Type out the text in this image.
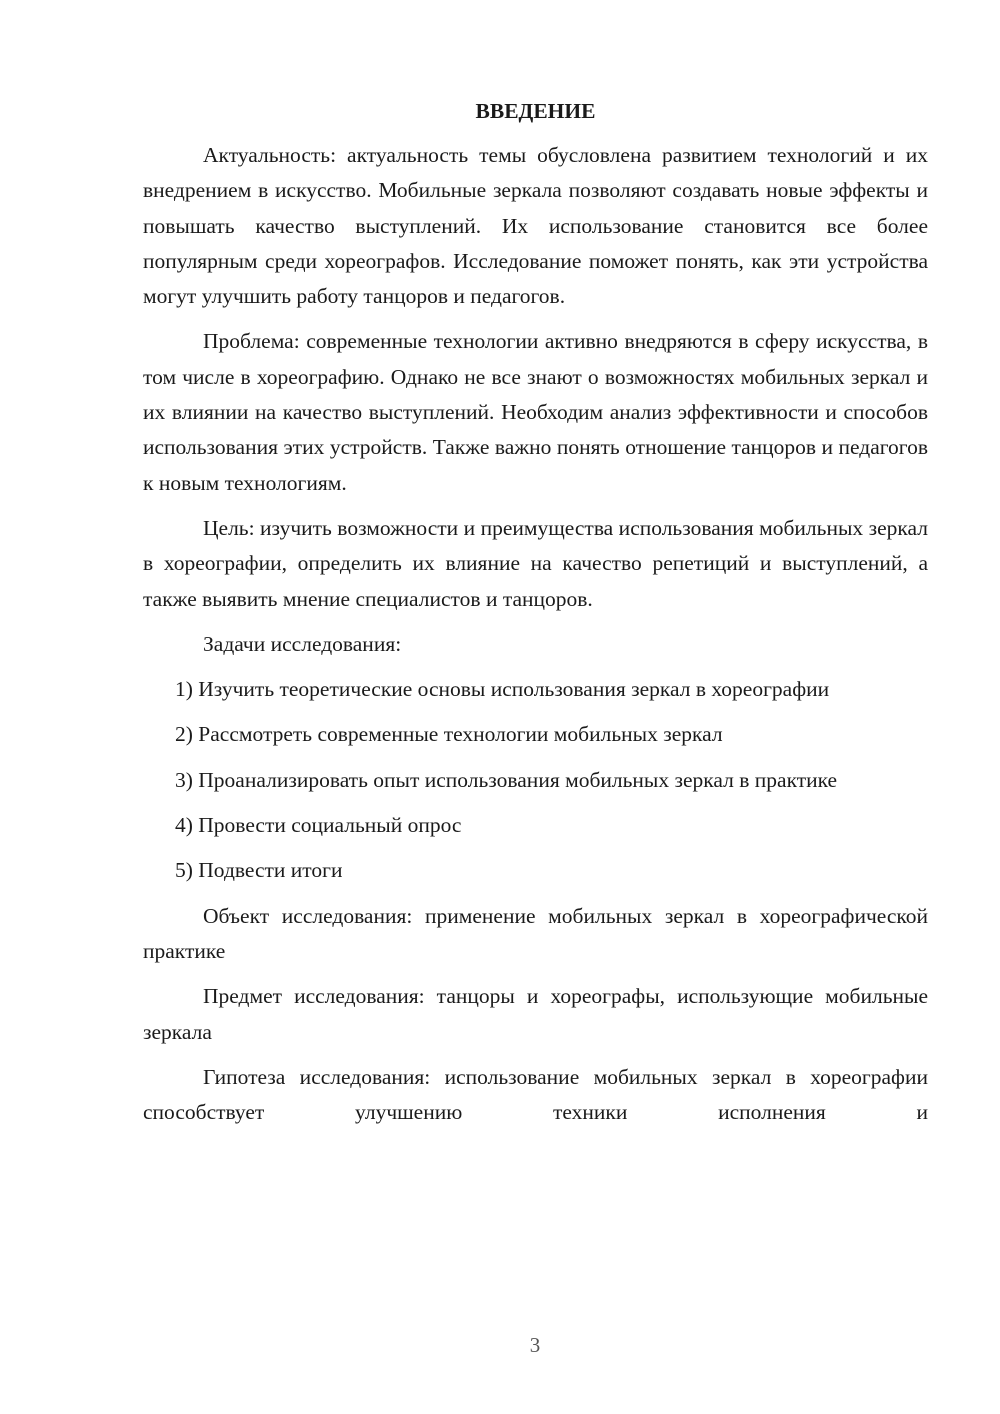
ВВЕДЕНИЕ

Актуальность: актуальность темы обусловлена развитием технологий и их внедрением в искусство. Мобильные зеркала позволяют создавать новые эффекты и повышать качество выступлений. Их использование становится все более популярным среди хореографов. Исследование поможет понять, как эти устройства могут улучшить работу танцоров и педагогов.

Проблема: современные технологии активно внедряются в сферу искусства, в том числе в хореографию. Однако не все знают о возможностях мобильных зеркал и их влиянии на качество выступлений. Необходим анализ эффективности и способов использования этих устройств. Также важно понять отношение танцоров и педагогов к новым технологиям.

Цель: изучить возможности и преимущества использования мобильных зеркал в хореографии, определить их влияние на качество репетиций и выступлений, а также выявить мнение специалистов и танцоров.

Задачи исследования:

1) Изучить теоретические основы использования зеркал в хореографии

2) Рассмотреть современные технологии мобильных зеркал

3) Проанализировать опыт использования мобильных зеркал в практике

4) Провести социальный опрос

5) Подвести итоги

Объект исследования: применение мобильных зеркал в хореографической практике

Предмет исследования: танцоры и хореографы, использующие мобильные зеркала

Гипотеза исследования: использование мобильных зеркал в хореографии способствует улучшению техники исполнения и

3
